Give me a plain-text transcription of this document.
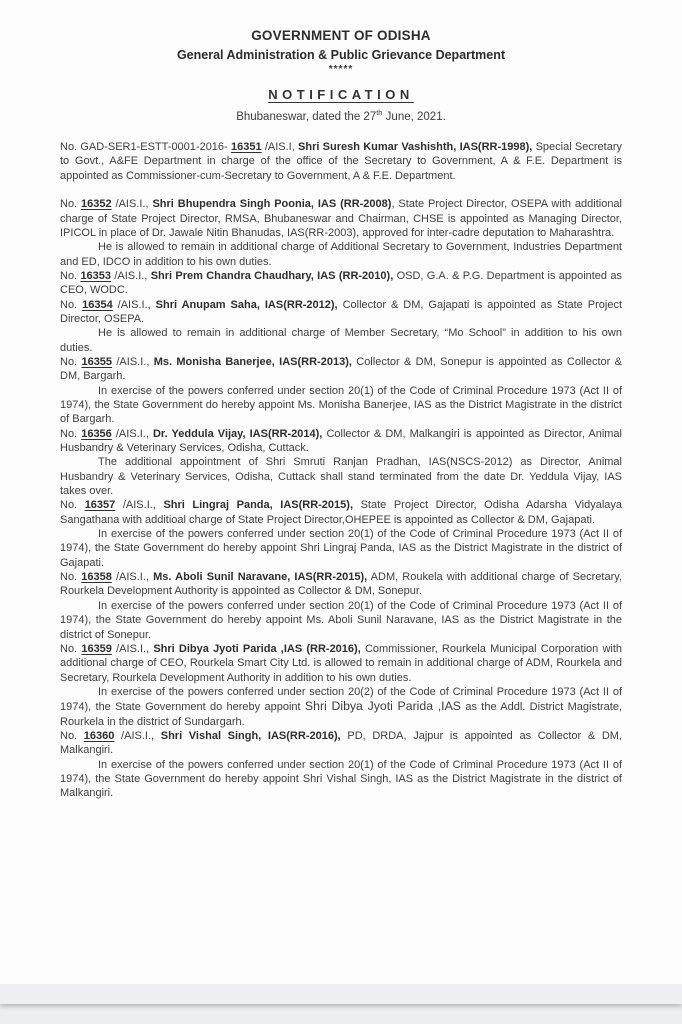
GOVERNMENT OF ODISHA
General Administration & Public Grievance Department
*****
NOTIFICATION
Bhubaneswar, dated the 27th June, 2021.

No. GAD-SER1-ESTT-0001-2016- 16351 /AIS.I, Shri Suresh Kumar Vashishth, IAS(RR-1998), Special Secretary to Govt., A&FE Department in charge of the office of the Secretary to Government, A & F.E. Department is appointed as Commissioner-cum-Secretary to Government, A & F.E. Department.

No. 16352 /AIS.I., Shri Bhupendra Singh Poonia, IAS (RR-2008), State Project Director, OSEPA with additional charge of State Project Director, RMSA, Bhubaneswar and Chairman, CHSE is appointed as Managing Director, IPICOL in place of Dr. Jawale Nitin Bhanudas, IAS(RR-2003), approved for inter-cadre deputation to Maharashtra.

He is allowed to remain in additional charge of Additional Secretary to Government, Industries Department and ED, IDCO in addition to his own duties.

No. 16353 /AIS.I., Shri Prem Chandra Chaudhary, IAS (RR-2010), OSD, G.A. & P.G. Department is appointed as CEO, WODC.

No. 16354 /AIS.I., Shri Anupam Saha, IAS(RR-2012), Collector & DM, Gajapati is appointed as State Project Director, OSEPA.

He is allowed to remain in additional charge of Member Secretary, “Mo School” in addition to his own duties.

No. 16355 /AIS.I., Ms. Monisha Banerjee, IAS(RR-2013), Collector & DM, Sonepur is appointed as Collector & DM, Bargarh.

In exercise of the powers conferred under section 20(1) of the Code of Criminal Procedure 1973 (Act II of 1974), the State Government do hereby appoint Ms. Monisha Banerjee, IAS as the District Magistrate in the district of Bargarh.

No. 16356 /AIS.I., Dr. Yeddula Vijay, IAS(RR-2014), Collector & DM, Malkangiri is appointed as Director, Animal Husbandry & Veterinary Services, Odisha, Cuttack.

The additional appointment of Shri Smruti Ranjan Pradhan, IAS(NSCS-2012) as Director, Animal Husbandry & Veterinary Services, Odisha, Cuttack shall stand terminated from the date Dr. Yeddula Vijay, IAS takes over.

No. 16357 /AIS.I., Shri Lingraj Panda, IAS(RR-2015), State Project Director, Odisha Adarsha Vidyalaya Sangathana with additioal charge of State Project Director,OHEPEE is appointed as Collector & DM, Gajapati.

In exercise of the powers conferred under section 20(1) of the Code of Criminal Procedure 1973 (Act II of 1974), the State Government do hereby appoint Shri Lingraj Panda, IAS as the District Magistrate in the district of Gajapati.

No. 16358 /AIS.I., Ms. Aboli Sunil Naravane, IAS(RR-2015), ADM, Roukela with additional charge of Secretary, Rourkela Development Authority is appointed as Collector & DM, Sonepur.

In exercise of the powers conferred under section 20(1) of the Code of Criminal Procedure 1973 (Act II of 1974), the State Government do hereby appoint Ms. Aboli Sunil Naravane, IAS as the District Magistrate in the district of Sonepur.

No. 16359 /AIS.I., Shri Dibya Jyoti Parida ,IAS (RR-2016), Commissioner, Rourkela Municipal Corporation with additional charge of CEO, Rourkela Smart City Ltd. is allowed to remain in additional charge of ADM, Rourkela and Secretary, Rourkela Development Authority in addition to his own duties.

In exercise of the powers conferred under section 20(2) of the Code of Criminal Procedure 1973 (Act II of 1974), the State Government do hereby appoint Shri Dibya Jyoti Parida ,IAS as the Addl. District Magistrate, Rourkela in the district of Sundargarh.

No. 16360 /AIS.I., Shri Vishal Singh, IAS(RR-2016), PD, DRDA, Jajpur is appointed as Collector & DM, Malkangiri.

In exercise of the powers conferred under section 20(1) of the Code of Criminal Procedure 1973 (Act II of 1974), the State Government do hereby appoint Shri Vishal Singh, IAS as the District Magistrate in the district of Malkangiri.
